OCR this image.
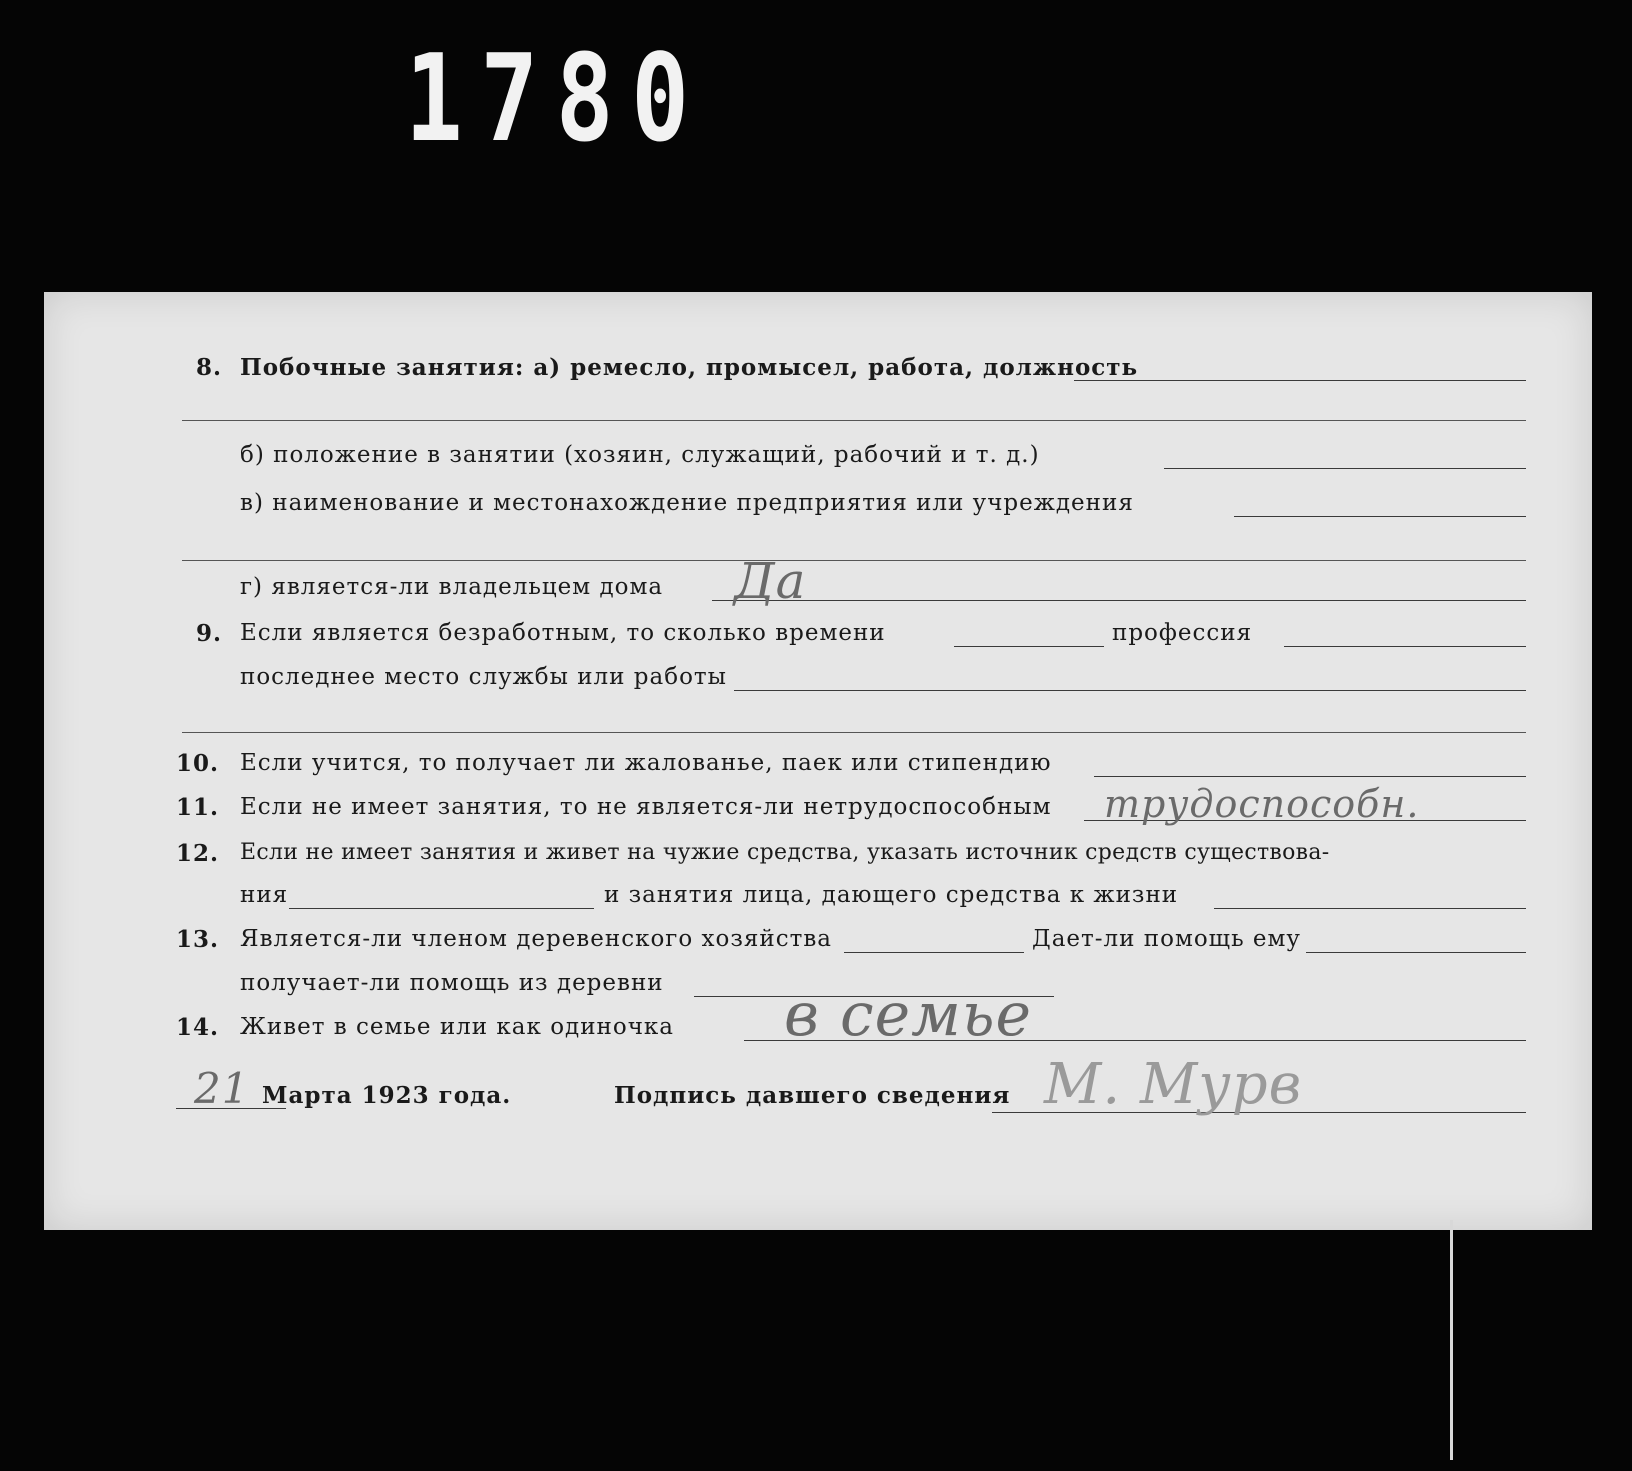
1780
8. Побочные занятия: а) ремесло, промысел, работа, должность
б) положение в занятии (хозяин, служащий, рабочий и т. д.)
в) наименование и местонахождение предприятия или учреждения
г) является-ли владельцем дома Да
9. Если является безработным, то сколько времени	профессия
последнее место службы или работы
10. Если учится, то получает ли жалованье, паек или стипендию
11. Если не имеет занятия, то не является-ли нетрудоспособным трудоспособн.
12. Если не имеет занятия и живет на чужие средства, указать источник средств существова-
ния	и занятия лица, дающего средства к жизни
13. Является-ли членом деревенского хозяйства	Дает-ли помощь ему
получает-ли помощь из деревни
14. Живет в семье или как одиночка в семье
21 Марта 1923 года.	Подпись давшего сведения М. Мурв
